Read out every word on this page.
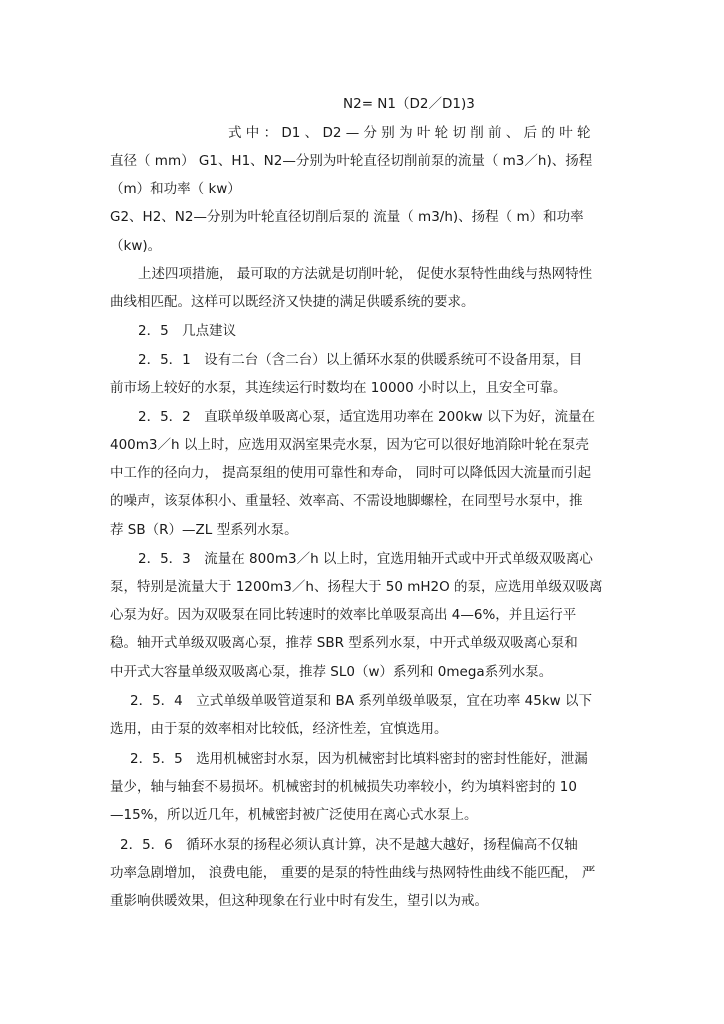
N2= N1（D2／D1)3
式 中 ： D1 、 D2 — 分 别 为 叶 轮 切 削 前 、 后 的 叶 轮
直径（ mm） G1、H1、N2—分别为叶轮直径切削前泵的流量（ m3／h)、扬程
（m）和功率（ kw）
G2、H2、N2—分别为叶轮直径切削后泵的 流量（ m3/h)、扬程（ m）和功率
（kw)。
上述四项措施， 最可取的方法就是切削叶轮， 促使水泵特性曲线与热网特性
曲线相匹配。这样可以既经济又快捷的满足供暖系统的要求。
2．5　几点建议
2．5．1　设有二台（含二台）以上循环水泵的供暖系统可不设备用泵，目
前市场上较好的水泵，其连续运行时数均在 10000 小时以上，且安全可靠。
2．5．2　直联单级单吸离心泵，适宜选用功率在 200kw 以下为好，流量在
400m3／h 以上时，应选用双涡室果壳水泵，因为它可以很好地消除叶轮在泵壳
中工作的径向力， 提高泵组的使用可靠性和寿命， 同时可以降低因大流量而引起
的噪声，该泵体积小、重量轻、效率高、不需设地脚螺栓，在同型号水泵中，推
荐 SB（R）—ZL 型系列水泵。
2．5．3　流量在 800m3／h 以上时，宜选用轴开式或中开式单级双吸离心
泵，特别是流量大于 1200m3／h、扬程大于 50 mH2O 的泵，应选用单级双吸离
心泵为好。因为双吸泵在同比转速时的效率比单吸泵高出 4—6%，并且运行平
稳。轴开式单级双吸离心泵，推荐 SBR 型系列水泵，中开式单级双吸离心泵和
中开式大容量单级双吸离心泵，推荐 SL0（w）系列和 0mega系列水泵。
2．5．4　立式单级单吸管道泵和 BA 系列单级单吸泵，宜在功率 45kw 以下
选用，由于泵的效率相对比较低，经济性差，宜慎选用。
2．5．5　选用机械密封水泵，因为机械密封比填料密封的密封性能好，泄漏
量少，轴与轴套不易损坏。机械密封的机械损失功率较小，约为填料密封的 10
—15%，所以近几年，机械密封被广泛使用在离心式水泵上。
2．5．6　循环水泵的扬程必须认真计算，决不是越大越好，扬程偏高不仅轴
功率急剧增加， 浪费电能， 重要的是泵的特性曲线与热网特性曲线不能匹配， 严
重影响供暖效果，但这种现象在行业中时有发生，望引以为戒。
